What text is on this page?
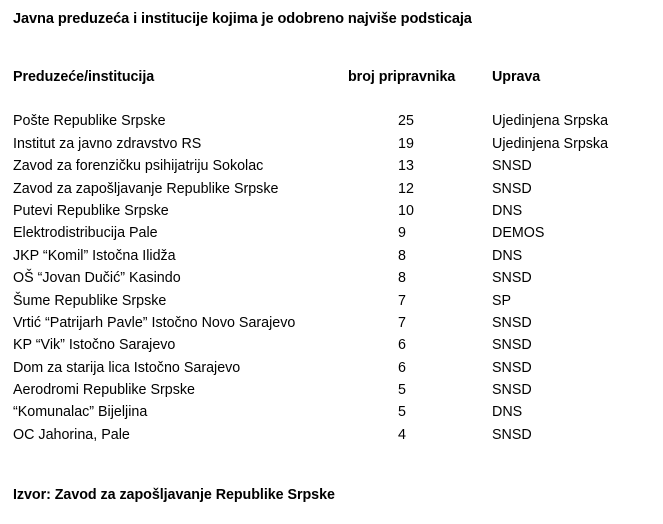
Javna preduzeća i institucije kojima je odobreno najviše podsticaja
Preduzeće/institucija	broj pripravnika	Uprava
Pošte Republike Srpske	25	Ujedinjena Srpska
Institut za javno zdravstvo RS	19	Ujedinjena Srpska
Zavod za forenzičku psihijatriju Sokolac	13	SNSD
Zavod za zapošljavanje Republike Srpske	12	SNSD
Putevi Republike Srpske	10	DNS
Elektrodistribucija Pale	9	DEMOS
JKP “Komil” Istočna Ilidža	8	DNS
OŠ “Jovan Dučić” Kasindo	8	SNSD
Šume Republike Srpske	7	SP
Vrtić “Patrijarh Pavle” Istočno Novo Sarajevo	7	SNSD
KP “Vik” Istočno Sarajevo	6	SNSD
Dom za starija lica Istočno Sarajevo	6	SNSD
Aerodromi Republike Srpske	5	SNSD
“Komunalac” Bijeljina	5	DNS
OC Jahorina, Pale	4	SNSD
Izvor: Zavod za zapošljavanje Republike Srpske
